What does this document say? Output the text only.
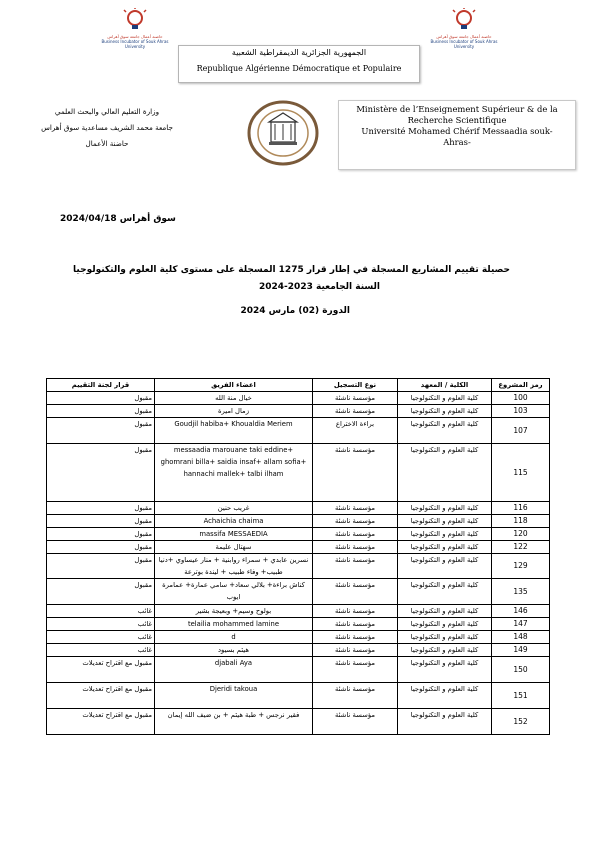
حاضنة أعمال جامعة سوق أهراس
Business Incubator of Souk Ahras University
حاضنة أعمال جامعة سوق أهراس
Business Incubator of Souk Ahras University
الجمهورية الجزائرية الديمقراطية الشعبية
Republique Algérienne Démocratique et Populaire
وزارة التعليم العالي والبحث العلمي
جامعة محمد الشريف مساعدية سوق أهراس
حاضنة الأعمال
Ministère de l’Enseignement Supérieur & de la
Recherche Scientifique
Université Mohamed Chérif Messaadia souk-
Ahras-
سوق أهراس 2024/04/18
حصيلة تقييم المشاريع المسجلة في إطار قرار 1275 المسجلة على مستوى كلية العلوم والتكنولوجيا
السنة الجامعية 2023-2024
الدورة (02) مارس 2024
رمز المشروع	الكلية / المعهد	نوع التسجيل	اعضاء الفريق	قرار لجنة التقييم
100	كلية العلوم و التكنولوجيا	مؤسسة ناشئة	خيال منة الله	مقبول
103	كلية العلوم و التكنولوجيا	مؤسسة ناشئة	زمال اميرة	مقبول
107	كلية العلوم و التكنولوجيا	براءة الاختراع	Goudjil habiba+ Khoualdia Meriem	مقبول
115	كلية العلوم و التكنولوجيا	مؤسسة ناشئة	messaadia marouane taki eddine+ ghomrani billa+ saidia insaf+ allam sofia+ hannachi mallek+ talbi ilham	مقبول
116	كلية العلوم و التكنولوجيا	مؤسسة ناشئة	غريب حنين	مقبول
118	كلية العلوم و التكنولوجيا	مؤسسة ناشئة	Achaichia chaima	مقبول
120	كلية العلوم و التكنولوجيا	مؤسسة ناشئة	massifa MESSAEDIA	مقبول
122	كلية العلوم و التكنولوجيا	مؤسسة ناشئة	سهتال عليمة	مقبول
129	كلية العلوم و التكنولوجيا	مؤسسة ناشئة	نسرين عابدي + سمراء روابنية + منار عيساوي +دنيا طبيب+ وفاء طبيب + ليندة بوترعة	مقبول
135	كلية العلوم و التكنولوجيا	مؤسسة ناشئة	كناش براءة+ بلالي سعاد+ سامي عمارة+ عمامرة ايوب	مقبول
146	كلية العلوم و التكنولوجيا	مؤسسة ناشئة	بولوح وسيم+ وبعيجة بشير	غائب
147	كلية العلوم و التكنولوجيا	مؤسسة ناشئة	telailia mohammed lamine	غائب
148	كلية العلوم و التكنولوجيا	مؤسسة ناشئة	d	غائب
149	كلية العلوم و التكنولوجيا	مؤسسة ناشئة	هيثم بسيود	غائب
150	كلية العلوم و التكنولوجيا	مؤسسة ناشئة	djabali Aya	مقبول مع اقتراح تعديلات
151	كلية العلوم و التكنولوجيا	مؤسسة ناشئة	Djeridi takoua	مقبول مع اقتراح تعديلات
152	كلية العلوم و التكنولوجيا	مؤسسة ناشئة	فقير نرجس + طبة هيثم + بن ضيف الله إيمان	مقبول مع اقتراح تعديلات
